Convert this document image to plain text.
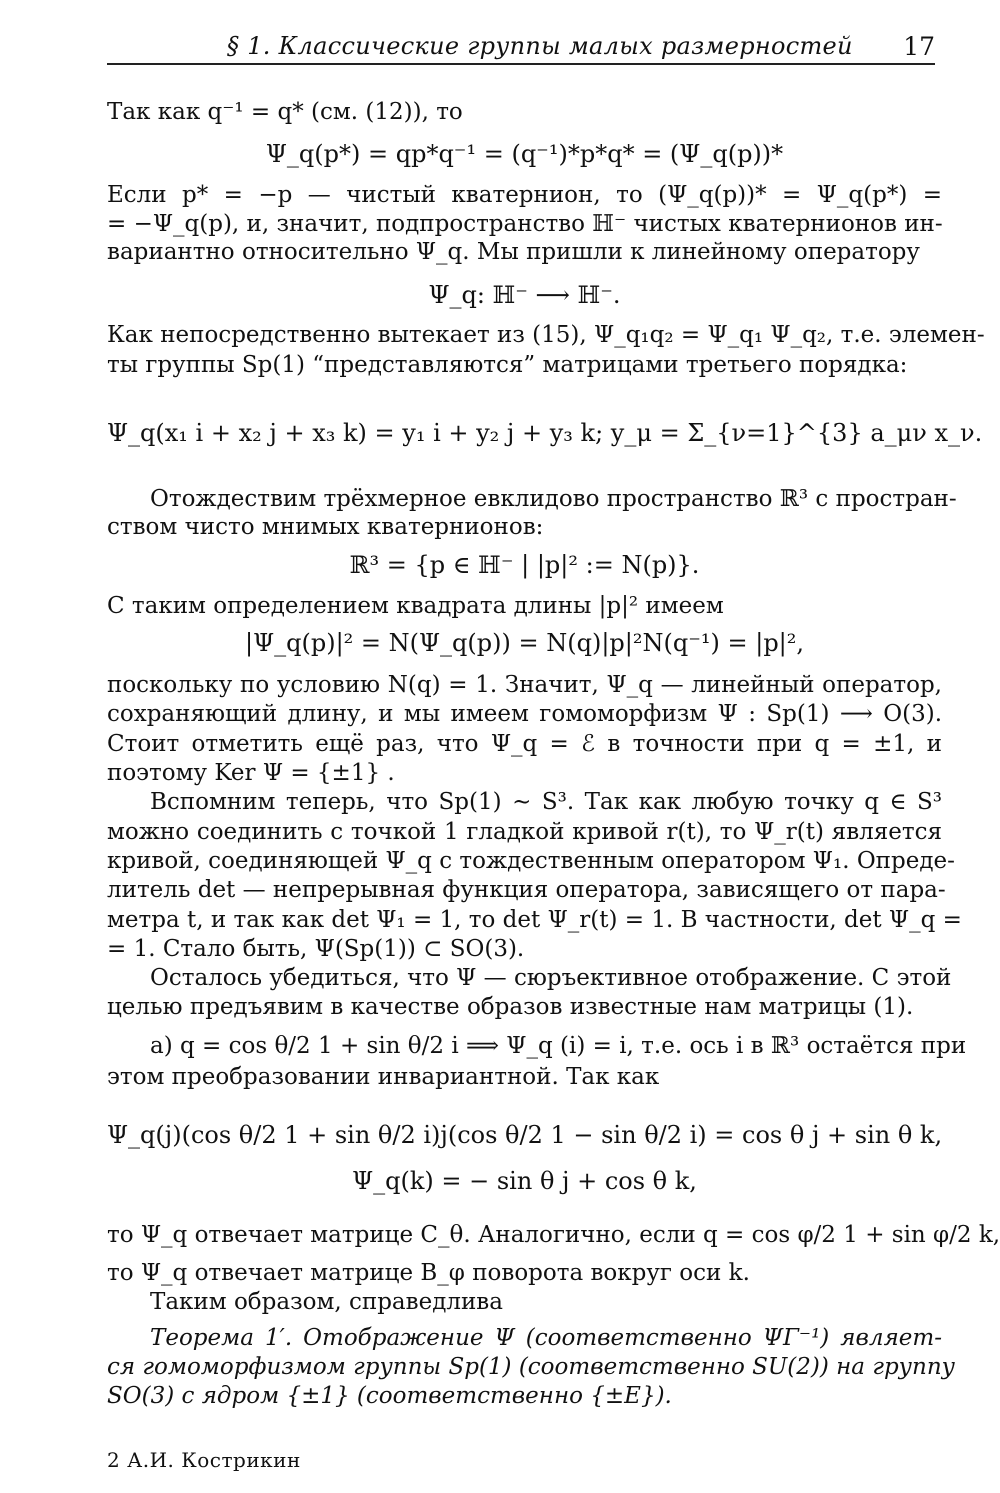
§ 1. Классические группы малых размерностей 17
Так как q⁻¹ = q* (см. (12)), то
Ψ_q(p*) = qp*q⁻¹ = (q⁻¹)*p*q* = (Ψ_q(p))*
Если p* = −p — чистый кватернион, то (Ψ_q(p))* = Ψ_q(p*) =
= −Ψ_q(p), и, значит, подпространство ℍ⁻ чистых кватернионов ин-
вариантно относительно Ψ_q. Мы пришли к линейному оператору
Ψ_q: ℍ⁻ ⟶ ℍ⁻.
Как непосредственно вытекает из (15), Ψ_q₁q₂ = Ψ_q₁ Ψ_q₂, т.е. элемен-
ты группы Sp(1) “представляются” матрицами третьего порядка:
Ψ_q(x₁ i + x₂ j + x₃ k) = y₁ i + y₂ j + y₃ k; y_μ = Σ_{ν=1}^{3} a_μν x_ν.
Отождествим трёхмерное евклидово пространство ℝ³ с простран-
ством чисто мнимых кватернионов:
ℝ³ = {p ∈ ℍ⁻ | |p|² := N(p)}.
С таким определением квадрата длины |p|² имеем
|Ψ_q(p)|² = N(Ψ_q(p)) = N(q)|p|²N(q⁻¹) = |p|²,
поскольку по условию N(q) = 1. Значит, Ψ_q — линейный оператор,
сохраняющий длину, и мы имеем гомоморфизм Ψ : Sp(1) ⟶ O(3).
Стоит отметить ещё раз, что Ψ_q = ℰ в точности при q = ±1, и
поэтому Ker Ψ = {±1} .
Вспомним теперь, что Sp(1) ∼ S³. Так как любую точку q ∈ S³
можно соединить с точкой 1 гладкой кривой r(t), то Ψ_r(t) является
кривой, соединяющей Ψ_q с тождественным оператором Ψ₁. Опреде-
литель det — непрерывная функция оператора, зависящего от пара-
метра t, и так как det Ψ₁ = 1, то det Ψ_r(t) = 1. В частности, det Ψ_q =
= 1. Стало быть, Ψ(Sp(1)) ⊂ SO(3).
Осталось убедиться, что Ψ — сюръективное отображение. С этой
целью предъявим в качестве образов известные нам матрицы (1).
а) q = cos θ/2 1 + sin θ/2 i ⟹ Ψ_q (i) = i, т.е. ось i в ℝ³ остаётся при
этом преобразовании инвариантной. Так как
Ψ_q(j)(cos θ/2 1 + sin θ/2 i)j(cos θ/2 1 − sin θ/2 i) = cos θ j + sin θ k,
Ψ_q(k) = − sin θ j + cos θ k,
то Ψ_q отвечает матрице C_θ. Аналогично, если q = cos φ/2 1 + sin φ/2 k,
то Ψ_q отвечает матрице B_φ поворота вокруг оси k.
Таким образом, справедлива
Теорема 1′. Отображение Ψ (соответственно ΨΓ⁻¹) являет-
ся гомоморфизмом группы Sp(1) (соответственно SU(2)) на группу
SO(3) с ядром {±1} (соответственно {±E}).
2 А.И. Кострикин
